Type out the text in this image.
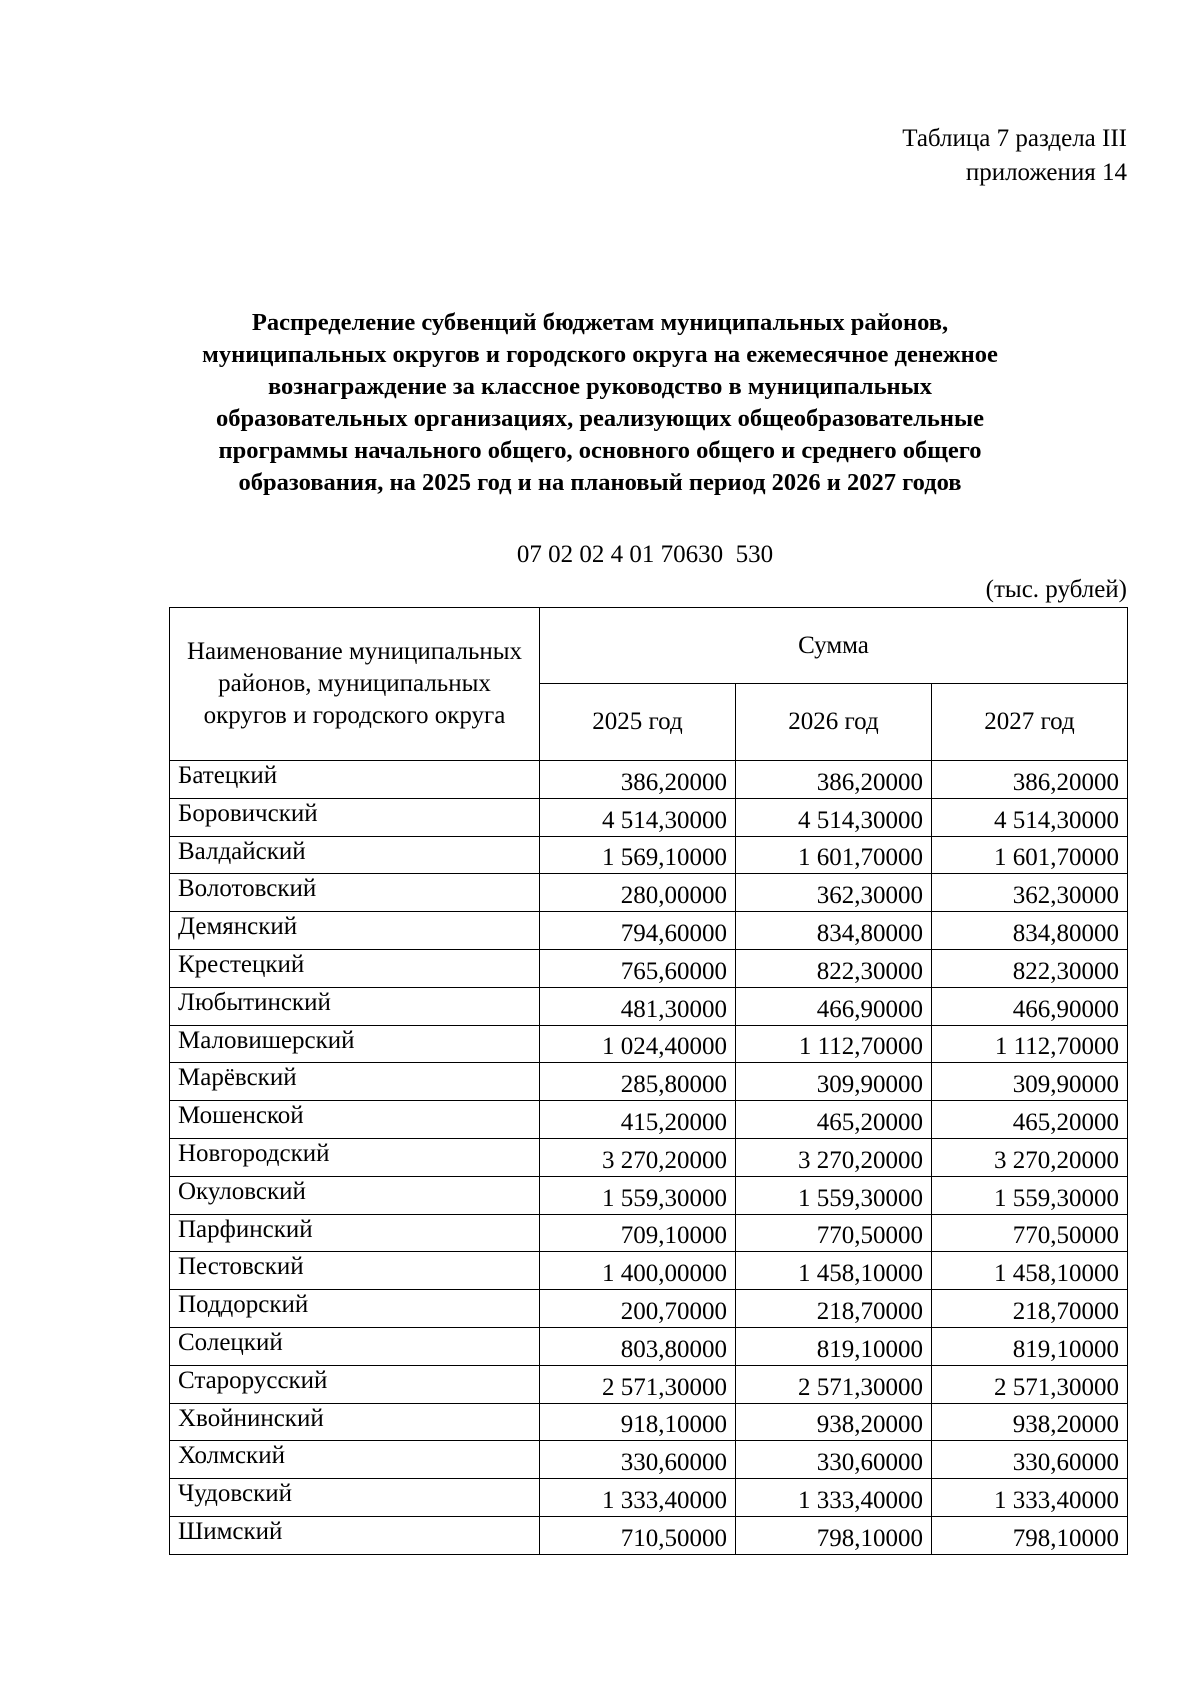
Таблица 7 раздела III
приложения 14
Распределение субвенций бюджетам муниципальных районов,
муниципальных округов и городского округа на ежемесячное денежное
вознаграждение за классное руководство в муниципальных
образовательных организациях, реализующих общеобразовательные
программы начального общего, основного общего и среднего общего
образования, на 2025 год и на плановый период 2026 и 2027 годов
07 02 02 4 01 70630  530
(тыс. рублей)
Наименование муниципальных районов, муниципальных округов и городского округа	Сумма		
	2025 год	2026 год	2027 год
Батецкий	386,20000	386,20000	386,20000
Боровичский	4 514,30000	4 514,30000	4 514,30000
Валдайский	1 569,10000	1 601,70000	1 601,70000
Волотовский	280,00000	362,30000	362,30000
Демянский	794,60000	834,80000	834,80000
Крестецкий	765,60000	822,30000	822,30000
Любытинский	481,30000	466,90000	466,90000
Маловишерский	1 024,40000	1 112,70000	1 112,70000
Марёвский	285,80000	309,90000	309,90000
Мошенской	415,20000	465,20000	465,20000
Новгородский	3 270,20000	3 270,20000	3 270,20000
Окуловский	1 559,30000	1 559,30000	1 559,30000
Парфинский	709,10000	770,50000	770,50000
Пестовский	1 400,00000	1 458,10000	1 458,10000
Поддорский	200,70000	218,70000	218,70000
Солецкий	803,80000	819,10000	819,10000
Старорусский	2 571,30000	2 571,30000	2 571,30000
Хвойнинский	918,10000	938,20000	938,20000
Холмский	330,60000	330,60000	330,60000
Чудовский	1 333,40000	1 333,40000	1 333,40000
Шимский	710,50000	798,10000	798,10000
